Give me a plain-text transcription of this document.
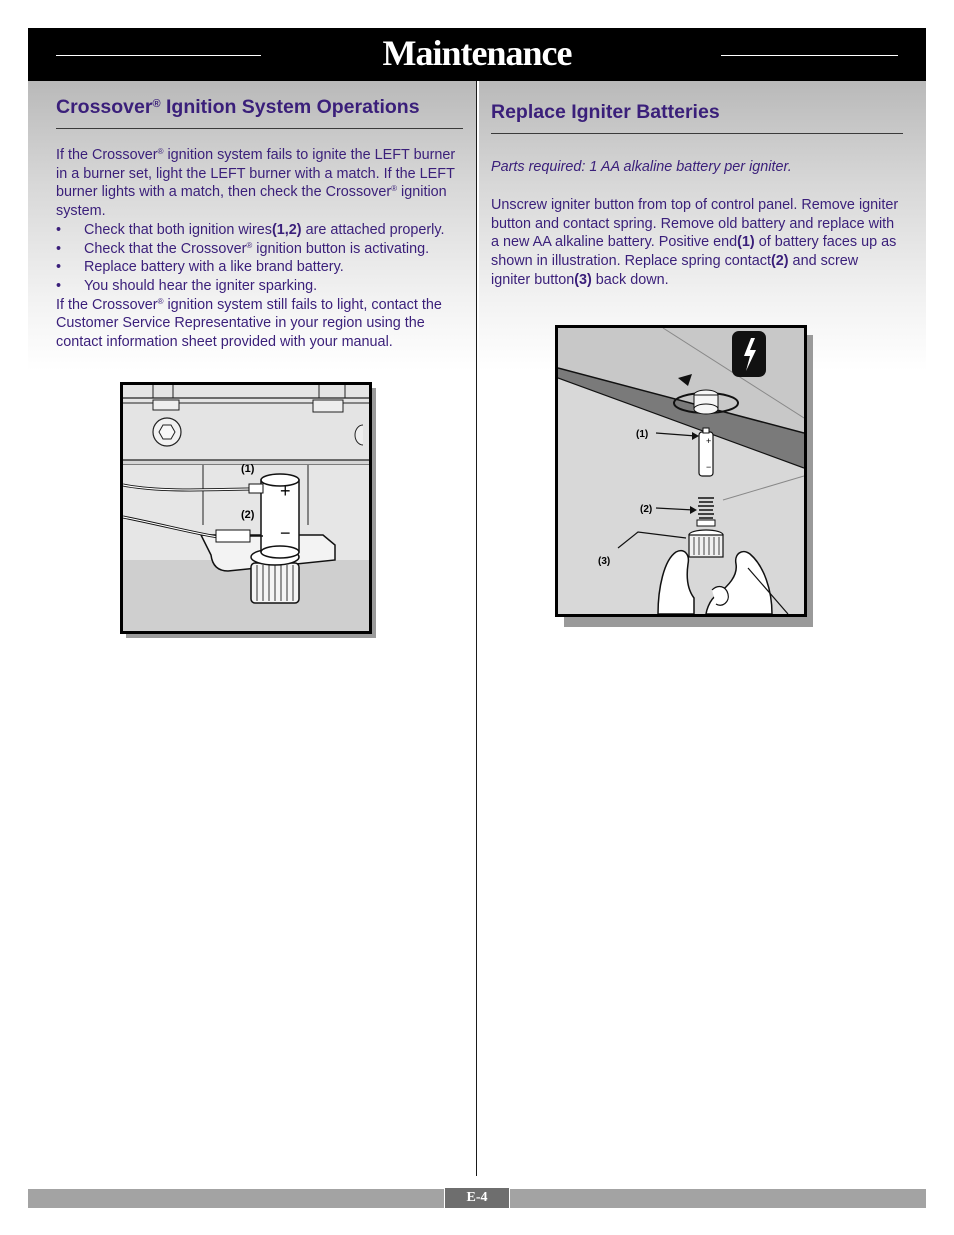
Maintenance
Crossover® Ignition System Operations

If the Crossover® ignition system fails to ignite the LEFT burner in a burner set, light the LEFT burner with a match. If the LEFT burner lights with a match, then check the Crossover® ignition system.

• Check that both ignition wires(1,2) are attached properly.
• Check that the Crossover® ignition button is activating.
• Replace battery with a like brand battery.
• You should hear the igniter sparking.

If the Crossover® ignition system still fails to light, contact the Customer Service Representative in your region using the contact information sheet provided with your manual.

(1)
(2)
+
−
Replace Igniter Batteries
Parts required: 1 AA alkaline battery per igniter.

Unscrew igniter button from top of control panel. Remove igniter button and contact spring. Remove old battery and replace with a new AA alkaline battery. Positive end(1) of battery faces up as shown in illustration. Replace spring contact(2) and screw igniter button(3) back down.

(1)
(2)
(3)
+
−
E-4
